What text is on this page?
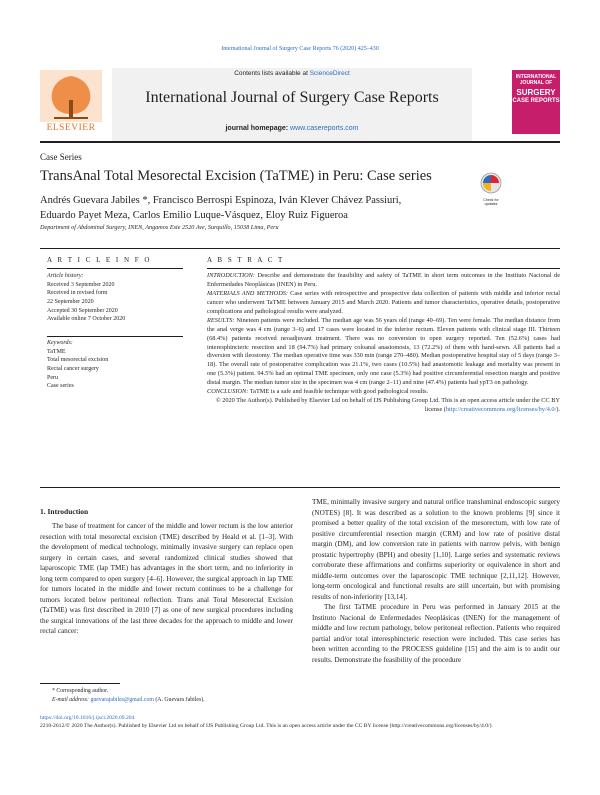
International Journal of Surgery Case Reports 76 (2020) 425–430
ELSEVIER
Contents lists available at ScienceDirect
International Journal of Surgery Case Reports
journal homepage: www.casereports.com
INTERNATIONAL
JOURNAL OF
SURGERY
CASE REPORTS
Case Series
TransAnal Total Mesorectal Excision (TaTME) in Peru: Case series
Check for updates
Andrés Guevara Jabiles *, Francisco Berrospi Espinoza, Iván Klever Chávez Passiuri,
Eduardo Payet Meza, Carlos Emilio Luque-Vásquez, Eloy Ruiz Figueroa
Department of Abdominal Surgery, INEN, Angamos Este 2520 Ave, Surquillo, 15038 Lima, Peru
A R T I C L E I N F O
Article history:
Received 3 September 2020
Received in revised form
22 September 2020
Accepted 30 September 2020
Available online 7 October 2020
Keywords:
TaTME
Total mesorectal excision
Rectal cancer surgery
Peru
Case series
A B S T R A C T

INTRODUCTION: Describe and demonstrate the feasibility and safety of TaTME in short term outcomes in the Instituto Nacional de Enfermedades Neoplásicas (INEN) in Peru.

MATERIALS AND METHODS: Case series with retrospective and prospective data collection of patients with middle and inferior rectal cancer who underwent TaTME between January 2015 and March 2020. Patients and tumor characteristics, operative details, postoperative complications and pathological results were analyzed.

RESULTS: Nineteen patients were included. The median age was 56 years old (range 40–69). Ten were female. The median distance from the anal verge was 4 cm (range 3–6) and 17 cases were located in the inferior rectum. Eleven patients with clinical stage III. Thirteen (68.4%) patients received neoadjuvant treatment. There was no conversion to open surgery reported. Ten (52.6%) cases had interesphincteric resection and 18 (94.7%) had primary coloanal anastomosis, 13 (72.2%) of them with hand-sewn. All patients had a diversion with ileostomy. The median operative time was 330 min (range 270–480). Median postoperative hospital stay of 5 days (range 3–18). The overall rate of postoperative complication was 21.1%, two cases (10.5%) had anastomotic leakage and mortality was present in one (5.3%) patient. 94.5% had an optimal TME specimen, only one case (5.3%) had positive circumferential resection margin and positive distal margin. The median tumor size in the specimen was 4 cm (range 2–11) and nine (47.4%) patients had ypT3 on pathology.

CONCLUSION: TaTME is a safe and feasible technique with good pathological results.

© 2020 The Author(s). Published by Elsevier Ltd on behalf of IJS Publishing Group Ltd. This is an open access article under the CC BY license (http://creativecommons.org/licenses/by/4.0/).

1. Introduction
The base of treatment for cancer of the middle and lower rectum is the low anterior resection with total mesorectal excision (TME) described by Heald et al. [1–3]. With the development of medical technology, minimally invasive surgery can replace open surgery in certain cases, and several randomized clinical studies showed that laparoscopic TME (lap TME) has advantages in the short term, and no inferiority in long term compared to open surgery [4–6]. However, the surgical approach in lap TME for tumors located in the middle and lower rectum continues to be a challenge for tumors located below peritoneal reflection. Trans anal Total Mesorectal Excision (TaTME) was first described in 2010 [7] as one of new surgical procedures including the surgical innovations of the last three decades for the approach to middle and lower rectal cancer:

TME, minimally invasive surgery and natural orifice transluminal endoscopic surgery (NOTES) [8]. It was described as a solution to the known problems [9] since it promised a better quality of the total excision of the mesorectum, with low rate of positive circumferential resection margin (CRM) and low rate of positive distal margin (DM), and low conversion rate in patients with narrow pelvis, with benign prostatic hypertrophy (BPH) and obesity [1,10]. Large series and systematic reviews corroborate these affirmations and confirms superiority or equivalence in short and middle-term outcomes over the laparoscopic TME technique [2,11,12]. However, long-term oncological and functional results are still uncertain, but with promising results of non-inferiority [13,14].

The first TaTME procedure in Peru was performed in January 2015 at the Instituto Nacional de Enfermedades Neoplásicas (INEN) for the management of middle and low rectum pathology, below peritoneal reflection. Patients who required partial and/or total interesphincteric resection were included. This case series has been written according to the PROCESS guideline [15] and the aim is to audit our results. Demonstrate the feasibility of the procedure

* Corresponding author.
E-mail address: guevarajabiles@gmail.com (A. Guevara Jabiles).
https://doi.org/10.1016/j.ijscr.2020.09.204
2210-2612/© 2020 The Author(s). Published by Elsevier Ltd on behalf of IJS Publishing Group Ltd. This is an open access article under the CC BY license (http://creativecommons.org/licenses/by/4.0/).
